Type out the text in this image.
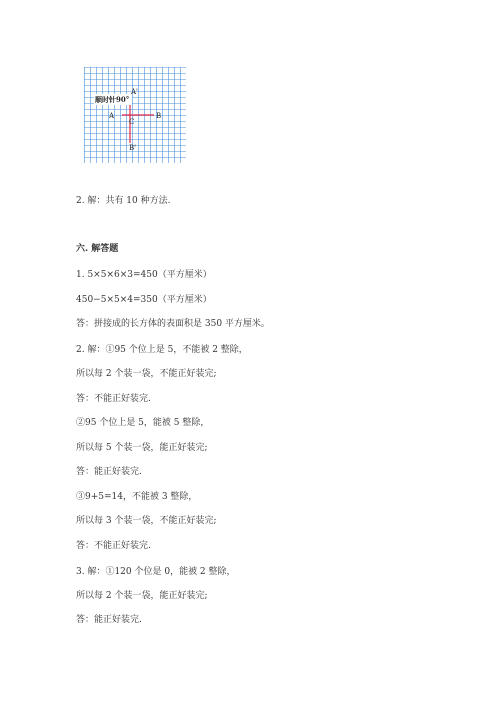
顺时针90°
A
A'
B
B'
C
2. 解：共有 10 种方法.
六. 解答题
1. 5×5×6×3=450（平方厘米）
450−5×5×4=350（平方厘米）
答：拼接成的长方体的表面积是 350 平方厘米。
2. 解：①95 个位上是 5，不能被 2 整除，
所以每 2 个装一袋，不能正好装完;
答：不能正好装完.
②95 个位上是 5，能被 5 整除，
所以每 5 个装一袋，能正好装完;
答：能正好装完.
③9+5=14，不能被 3 整除，
所以每 3 个装一袋，不能正好装完;
答：不能正好装完.
3. 解：①120 个位是 0，能被 2 整除，
所以每 2 个装一袋，能正好装完;
答：能正好装完.
